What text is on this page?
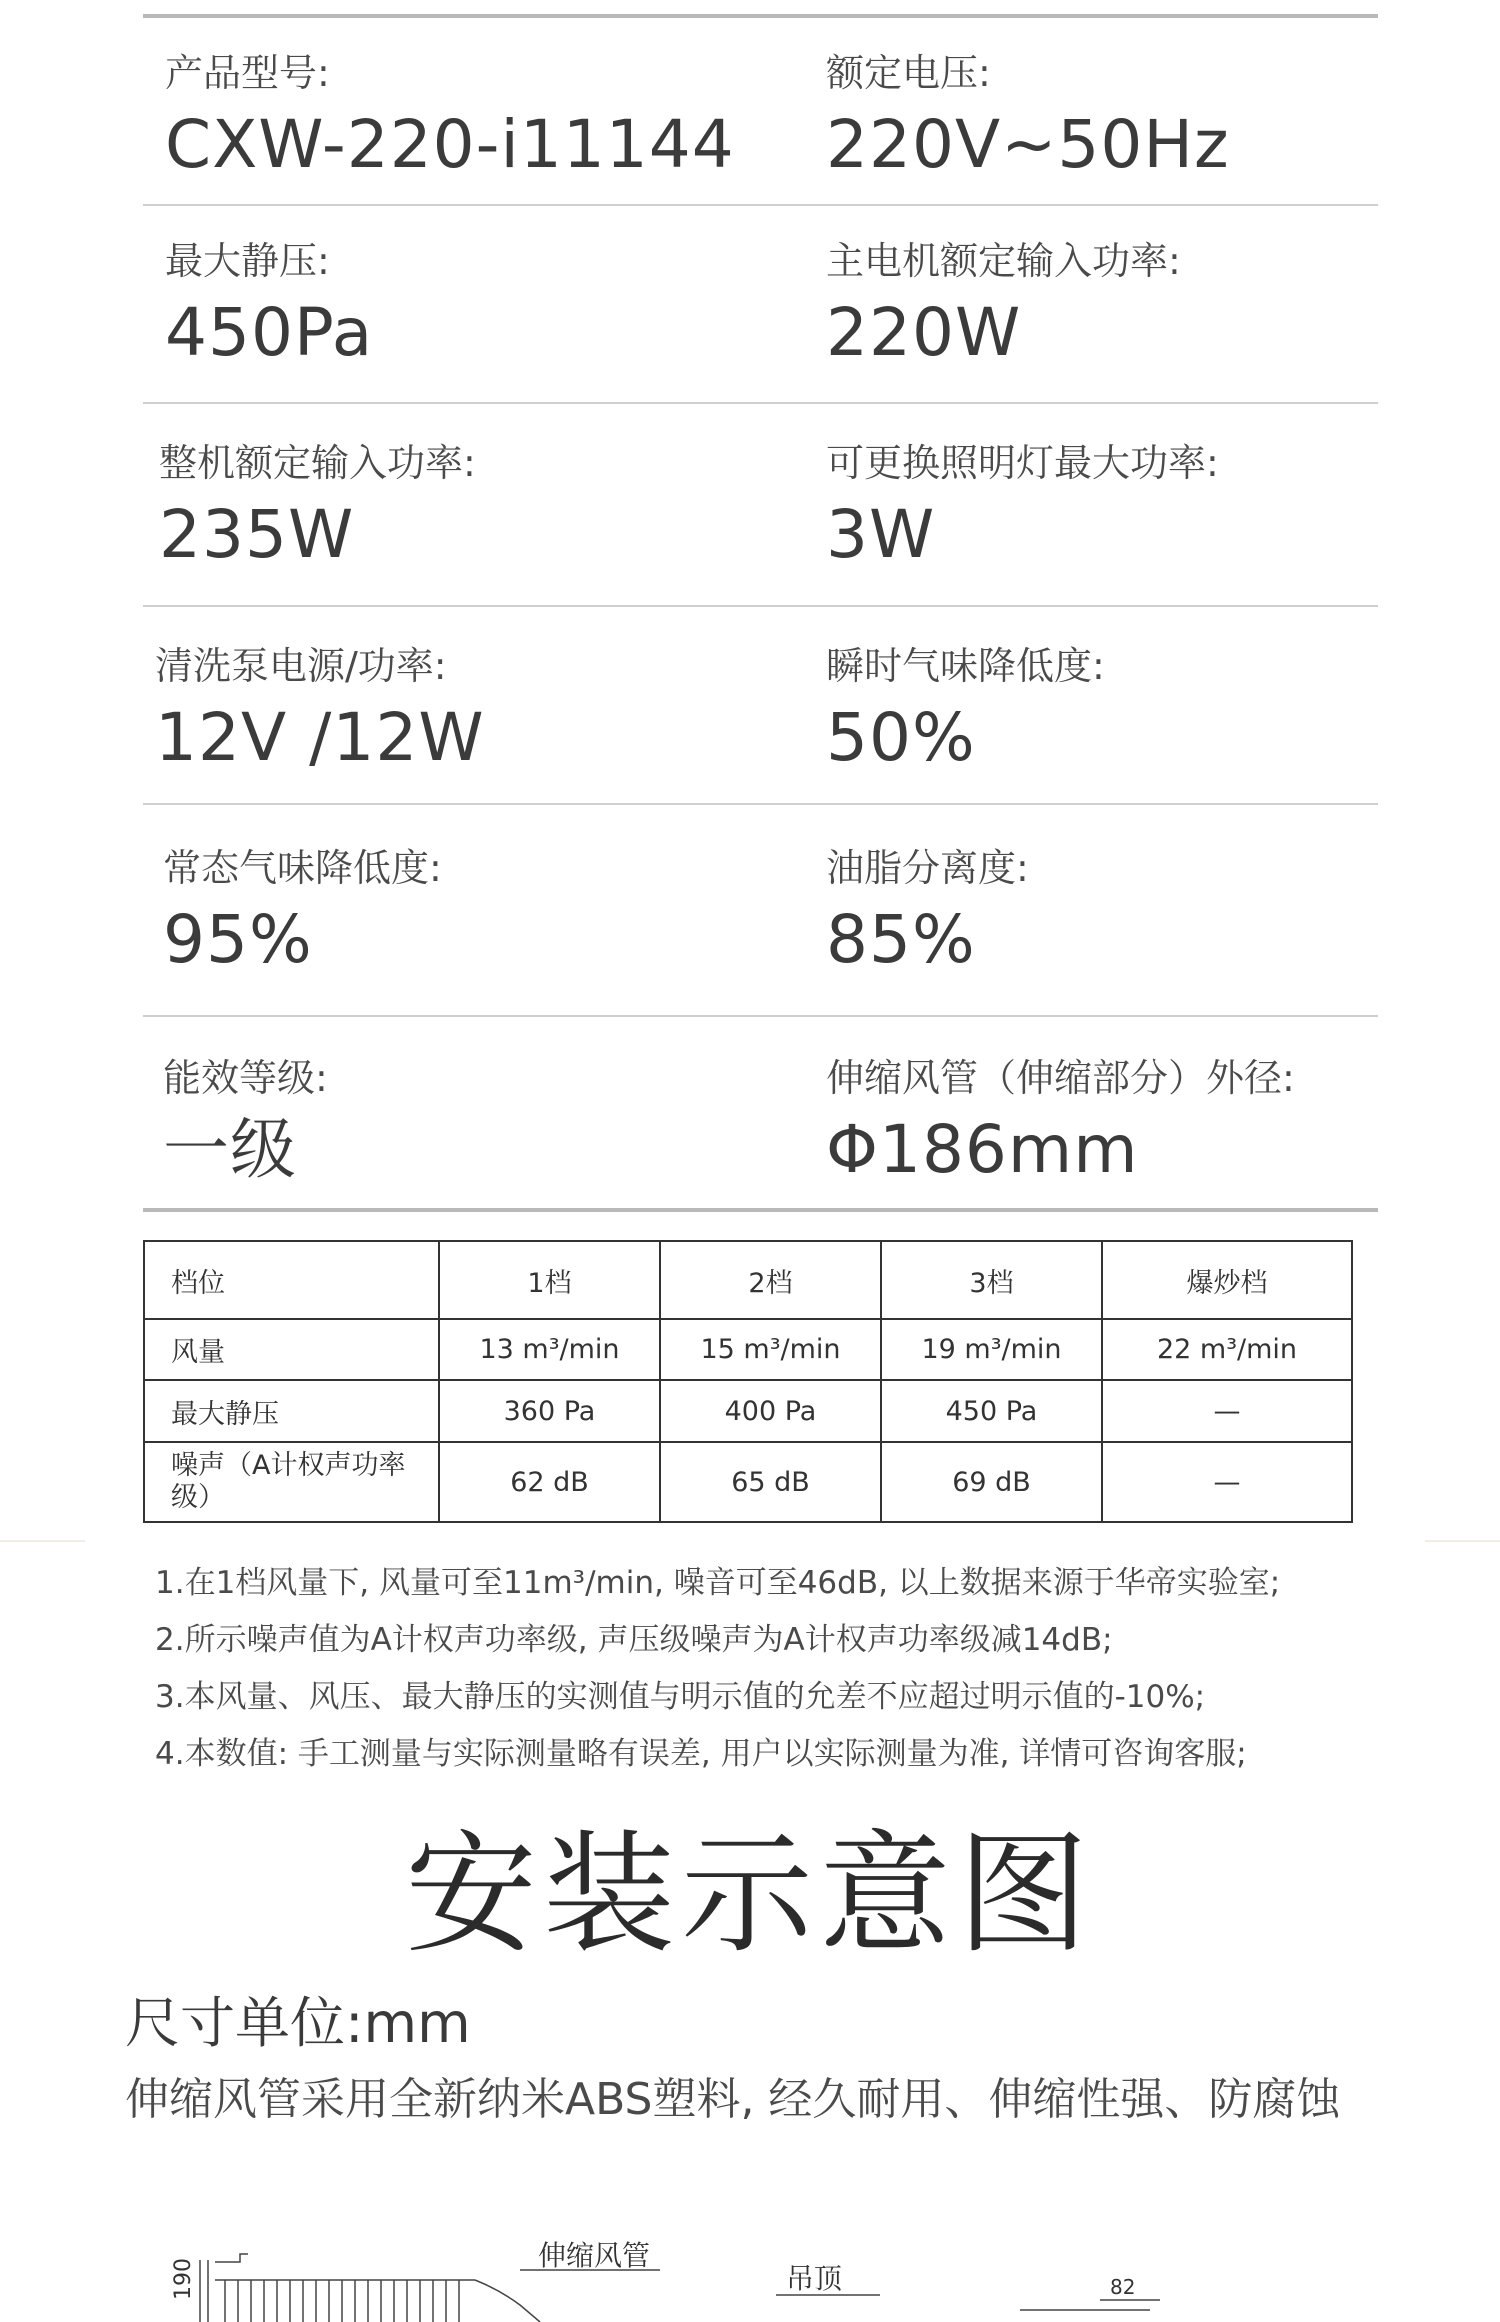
产品型号:
CXW-220-i11144
额定电压:
220V~50Hz
最大静压:
450Pa
主电机额定输入功率:
220W
整机额定输入功率:
235W
可更换照明灯最大功率:
3W
清洗泵电源/功率:
12V /12W
瞬时气味降低度:
50%
常态气味降低度:
95%
油脂分离度:
85%
能效等级:
一级
伸缩风管（伸缩部分）外径:
Φ186mm
档位	1档	2档	3档	爆炒档
风量	13 m³/min	15 m³/min	19 m³/min	22 m³/min
最大静压	360 Pa	400 Pa	450 Pa	—
噪声（A计权声功率级）	62 dB	65 dB	69 dB	—
1.在1档风量下, 风量可至11m³/min, 噪音可至46dB, 以上数据来源于华帝实验室;
2.所示噪声值为A计权声功率级, 声压级噪声为A计权声功率级减14dB;
3.本风量、风压、最大静压的实测值与明示值的允差不应超过明示值的-10%;
4.本数值: 手工测量与实际测量略有误差, 用户以实际测量为准, 详情可咨询客服;
安装示意图
尺寸单位:mm
伸缩风管采用全新纳米ABS塑料, 经久耐用、伸缩性强、防腐蚀
190
伸缩风管
吊顶	82
